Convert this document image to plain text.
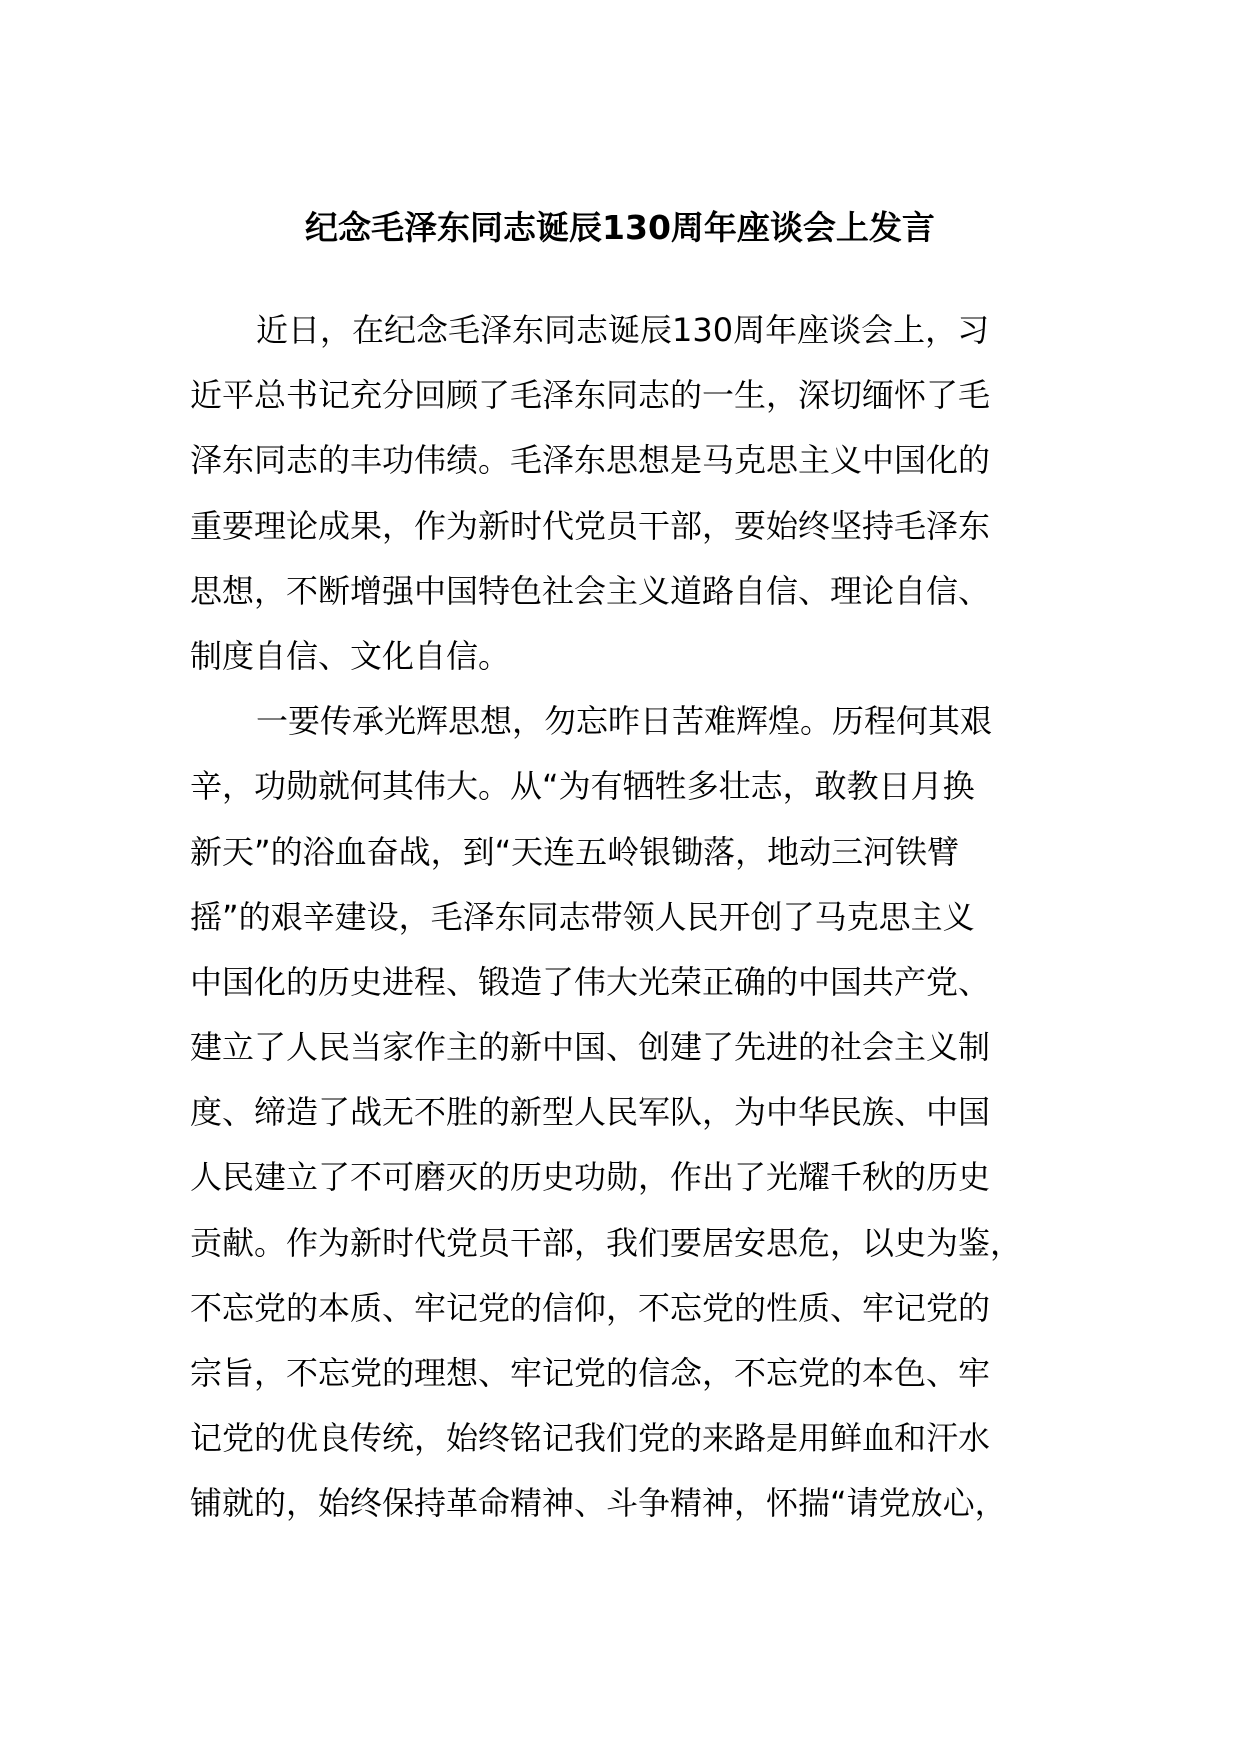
纪念毛泽东同志诞辰130周年座谈会上发言
近日，在纪念毛泽东同志诞辰130周年座谈会上，习
近平总书记充分回顾了毛泽东同志的一生，深切缅怀了毛
泽东同志的丰功伟绩。毛泽东思想是马克思主义中国化的
重要理论成果，作为新时代党员干部，要始终坚持毛泽东
思想，不断增强中国特色社会主义道路自信、理论自信、
制度自信、文化自信。
一要传承光辉思想，勿忘昨日苦难辉煌。历程何其艰
辛，功勋就何其伟大。从“为有牺牲多壮志，敢教日月换
新天”的浴血奋战，到“天连五岭银锄落，地动三河铁臂
摇”的艰辛建设，毛泽东同志带领人民开创了马克思主义
中国化的历史进程、锻造了伟大光荣正确的中国共产党、
建立了人民当家作主的新中国、创建了先进的社会主义制
度、缔造了战无不胜的新型人民军队，为中华民族、中国
人民建立了不可磨灭的历史功勋，作出了光耀千秋的历史
贡献。作为新时代党员干部，我们要居安思危，以史为鉴，
不忘党的本质、牢记党的信仰，不忘党的性质、牢记党的
宗旨，不忘党的理想、牢记党的信念，不忘党的本色、牢
记党的优良传统，始终铭记我们党的来路是用鲜血和汗水
铺就的，始终保持革命精神、斗争精神，怀揣“请党放心，
